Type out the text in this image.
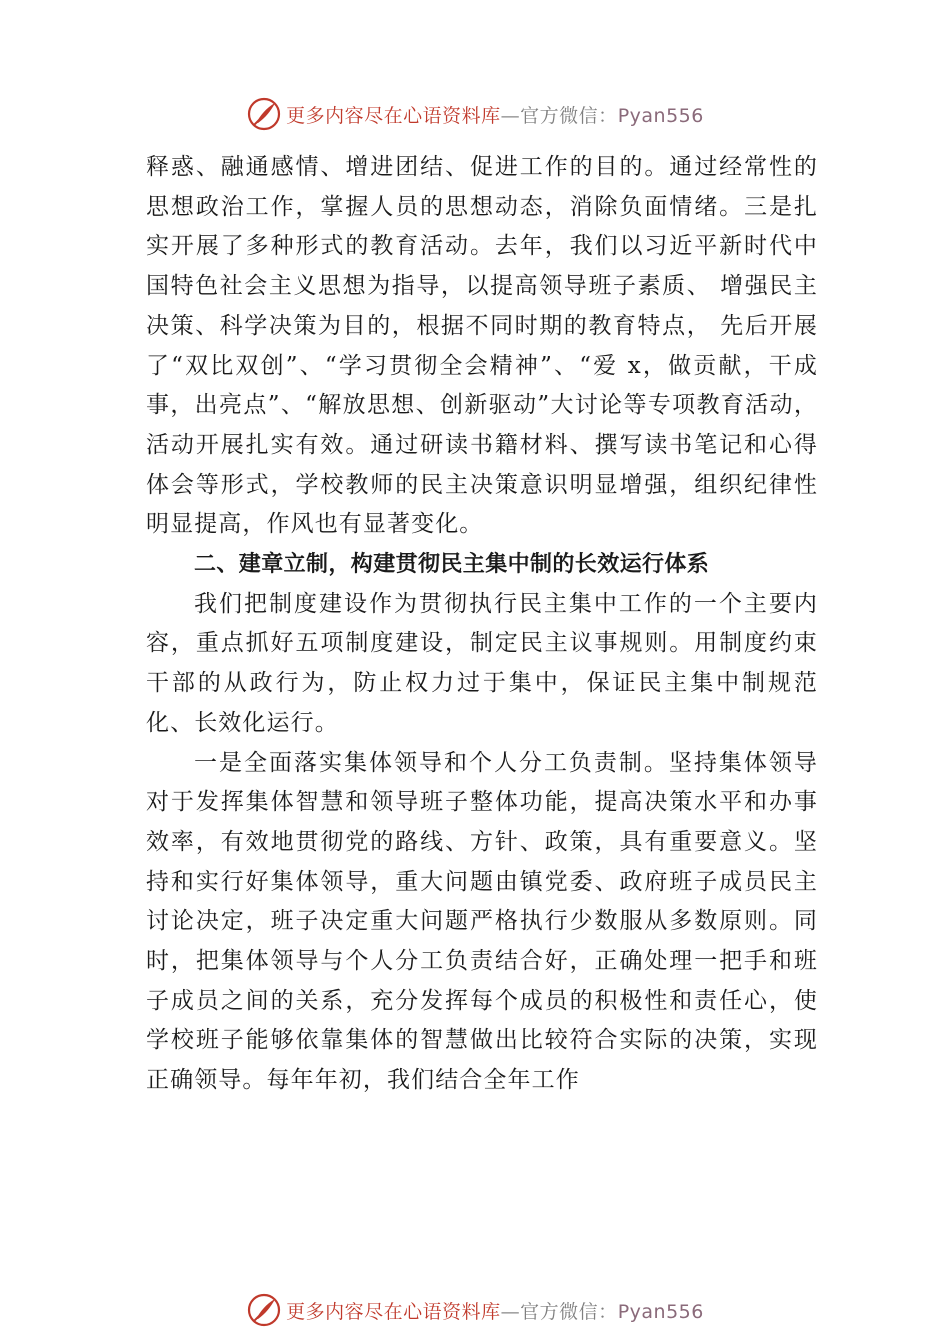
更多内容尽在心语资料库—官方微信：Pyan556

释惑、融通感情、增进团结、促进工作的目的。通过经常性的思想政治工作，掌握人员的思想动态，消除负面情绪。三是扎实开展了多种形式的教育活动。去年，我们以习近平新时代中国特色社会主义思想为指导，以提高领导班子素质、 增强民主决策、科学决策为目的，根据不同时期的教育特点， 先后开展了“双比双创”、“学习贯彻全会精神”、“爱 x，做贡献，干成事，出亮点”、“解放思想、创新驱动”大讨论等专项教育活动，活动开展扎实有效。通过研读书籍材料、撰写读书笔记和心得体会等形式，学校教师的民主决策意识明显增强，组织纪律性明显提高，作风也有显著变化。

二、建章立制，构建贯彻民主集中制的长效运行体系

我们把制度建设作为贯彻执行民主集中工作的一个主要内容，重点抓好五项制度建设，制定民主议事规则。用制度约束干部的从政行为，防止权力过于集中，保证民主集中制规范化、长效化运行。

一是全面落实集体领导和个人分工负责制。坚持集体领导对于发挥集体智慧和领导班子整体功能，提高决策水平和办事效率，有效地贯彻党的路线、方针、政策，具有重要意义。坚持和实行好集体领导，重大问题由镇党委、政府班子成员民主讨论决定，班子决定重大问题严格执行少数服从多数原则。同时，把集体领导与个人分工负责结合好，正确处理一把手和班子成员之间的关系，充分发挥每个成员的积极性和责任心，使学校班子能够依靠集体的智慧做出比较符合实际的决策，实现正确领导。每年年初，我们结合全年工作

更多内容尽在心语资料库—官方微信：Pyan556
